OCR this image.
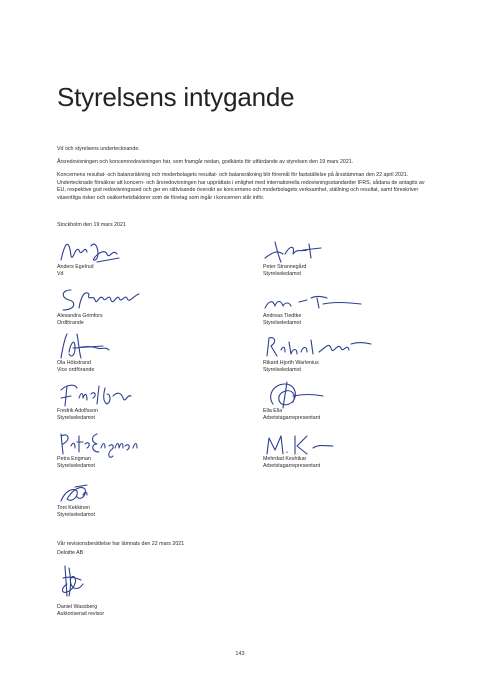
Styrelsens intygande

Vd och styrelsens undertecknande.

Årsredovisningen och koncernredovisningen har, som framgår nedan, godkänts för utfärdande av styrelsen den 19 mars 2021.

Koncernens resultat- och balansräkning och moderbolagets resultat- och balansräkning blir föremål för fastställelse på årsstämman den 22 april 2021. Undertecknade försäkrar att koncern- och årsredovisningen har upprättats i enlighet med internationella redovisningsstandarder IFRS, sådana de antagits av EU, respektive god redovisningssed och ger en rättvisande översikt av koncernens och moderbolagets verksamhet, ställning och resultat, samt föreskriver väsentliga risker och osäkerhetsfaktorer som de företag som ingår i koncernen står inför.

Stockholm den 19 mars 2021

Anders Egelrud
Vd
Peter Strannegård
Styrelseledamot
Alexandra Grimfors
Ordförande
Andreas Tiedtke
Styrelseledamot
Ola Hökstrand
Vice ordförande
Rikard Hjorth Warlenius
Styrelseledamot
Fredrik Adolfsson
Styrelseledamot
Ella Ella
Arbetstagarrepresentant
Petra Engman
Styrelseledamot
Mehrdad Keshtkar
Arbetstagarrepresentant
Toni Kekkinen
Styrelseledamot

Vår revisionsberättelse har lämnats den 22 mars 2021

Deloitte AB

Daniel Wassberg
Auktoriserad revisor
143
